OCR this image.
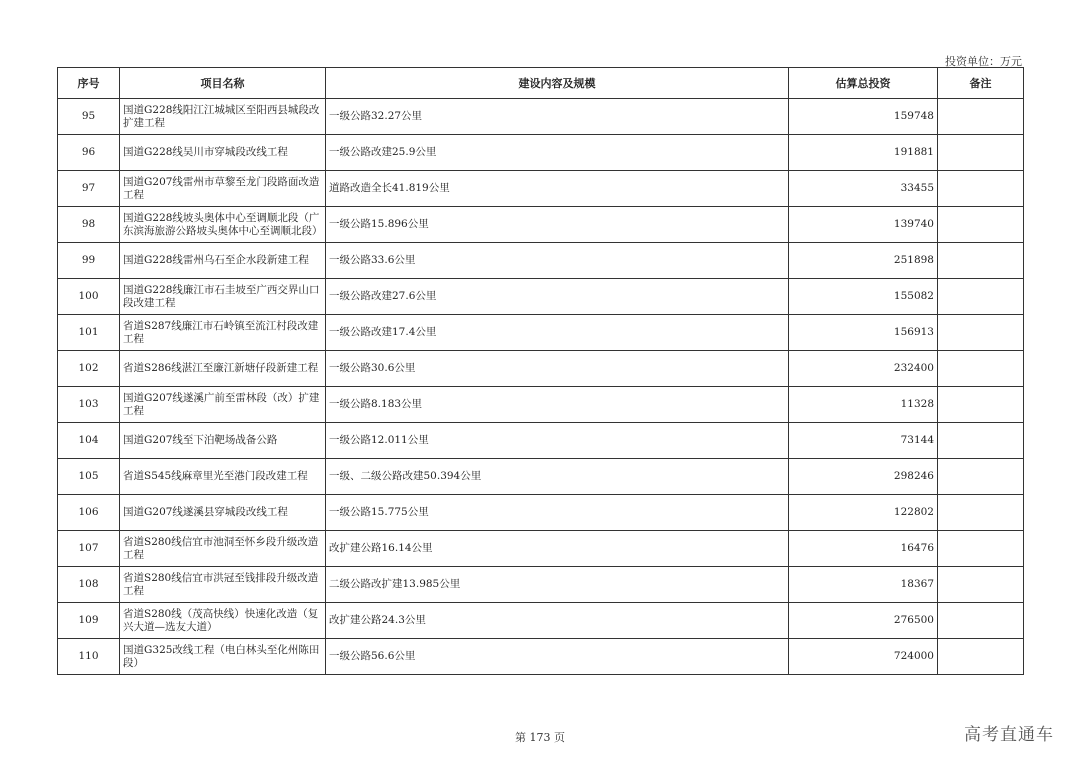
投资单位：万元
序号	项目名称	建设内容及规模	估算总投资	备注
95	国道G228线阳江江城城区至阳西县城段改扩建工程	一级公路32.27公里	159748	
96	国道G228线吴川市穿城段改线工程	一级公路改建25.9公里	191881	
97	国道G207线雷州市草黎至龙门段路面改造工程	道路改造全长41.819公里	33455	
98	国道G228线坡头奥体中心至调顺北段（广东滨海旅游公路坡头奥体中心至调顺北段）	一级公路15.896公里	139740	
99	国道G228线雷州乌石至企水段新建工程	一级公路33.6公里	251898	
100	国道G228线廉江市石圭坡至广西交界山口段改建工程	一级公路改建27.6公里	155082	
101	省道S287线廉江市石岭镇至流江村段改建工程	一级公路改建17.4公里	156913	
102	省道S286线湛江至廉江新塘仔段新建工程	一级公路30.6公里	232400	
103	国道G207线遂溪广前至雷林段（改）扩建工程	一级公路8.183公里	11328	
104	国道G207线至下泊靶场战备公路	一级公路12.011公里	73144	
105	省道S545线麻章里光至港门段改建工程	一级、二级公路改建50.394公里	298246	
106	国道G207线遂溪县穿城段改线工程	一级公路15.775公里	122802	
107	省道S280线信宜市池洞至怀乡段升级改造工程	改扩建公路16.14公里	16476	
108	省道S280线信宜市洪冠至钱排段升级改造工程	二级公路改扩建13.985公里	18367	
109	省道S280线（茂高快线）快速化改造（复兴大道—选友大道）	改扩建公路24.3公里	276500	
110	国道G325改线工程（电白林头至化州陈田段）	一级公路56.6公里	724000	
第 173 页	高考直通车
